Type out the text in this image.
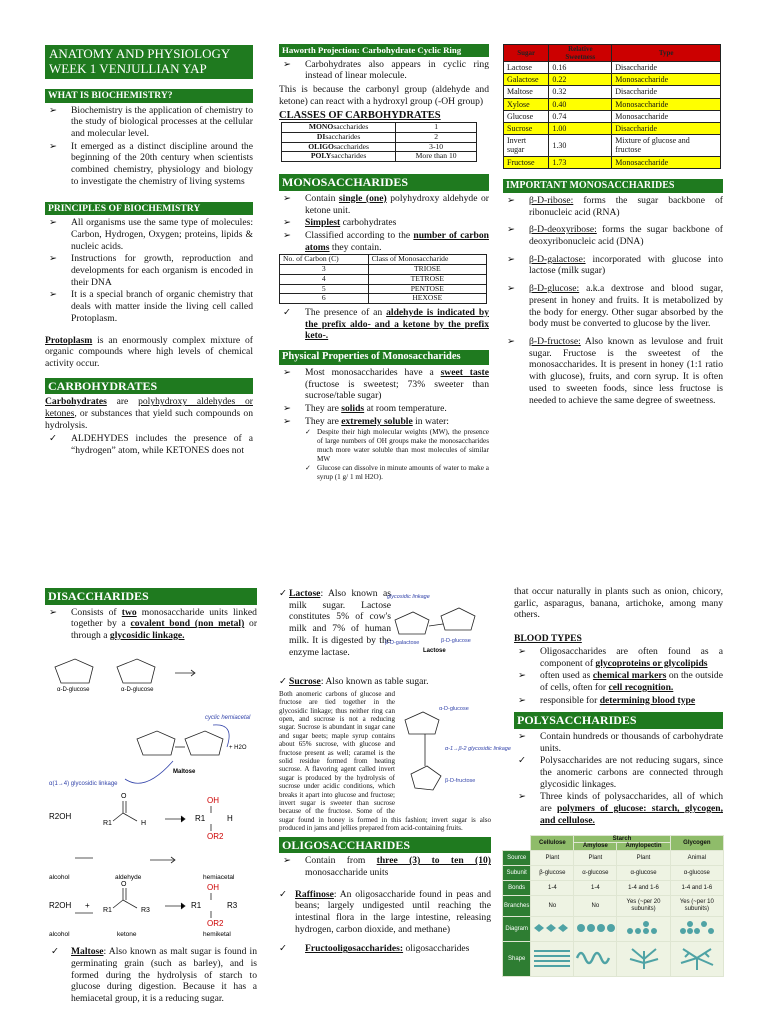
ANATOMY AND PHYSIOLOGY WEEK 1 VENJULLIAN YAP
WHAT IS BIOCHEMISTRY?
➢ Biochemistry is the application of chemistry to the study of biological processes at the cellular and molecular level.
➢ It emerged as a distinct discipline around the beginning of the 20th century when scientists combined chemistry, physiology and biology to investigate the chemistry of living systems
PRINCIPLES OF BIOCHEMISTRY
➢ All organisms use the same type of molecules: Carbon, Hydrogen, Oxygen; proteins, lipids & nucleic acids.
➢ Instructions for growth, reproduction and developments for each organism is encoded in their DNA
➢ It is a special branch of organic chemistry that deals with matter inside the living cell called Protoplasm.

Protoplasm is an enormously complex mixture of organic compounds where high levels of chemical activity occur.

CARBOHYDRATES

Carbohydrates are polyhydroxy aldehydes or ketones, or substances that yield such compounds on hydrolysis.

✓ ALDEHYDES includes the presence of a “hydrogen” atom, while KETONES does not
Haworth Projection: Carbohydrate Cyclic Ring
➢ Carbohydrates also appears in cyclic ring instead of linear molecule.

This is because the carbonyl group (aldehyde and ketone) can react with a hydroxyl group (-OH group)

CLASSES OF CARBOHYDRATES
MONOsaccharides	1
DIsaccharides	2
OLIGOsaccharides	3-10
POLYsaccharides	More than 10
MONOSACCHARIDES
➢ Contain single (one) polyhydroxy aldehyde or ketone unit.
➢ Simplest carbohydrates
➢ Classified according to the number of carbon atoms they contain.
No. of Carbon (C)	Class of Monosaccharide
3	TRIOSE
4	TETROSE
5	PENTOSE
6	HEXOSE
✓ The presence of an aldehyde is indicated by the prefix aldo- and a ketone by the prefix keto-.
Physical Properties of Monosaccharides
➢ Most monosaccharides have a sweet taste (fructose is sweetest; 73% sweeter than sucrose/table sugar)
➢ They are solids at room temperature.
➢ They are extremely soluble in water:
✓ Despite their high molecular weights (MW), the presence of large numbers of OH groups make the monosaccharides much more water soluble than most molecules of similar MW
✓ Glucose can dissolve in minute amounts of water to make a syrup (1 g/ 1 ml H2O).
Sugar	Relative Sweetness	Type
Lactose	0.16	Disaccharide
Galactose	0.22	Monosaccharide
Maltose	0.32	Disaccharide
Xylose	0.40	Monosaccharide
Glucose	0.74	Monosaccharide
Sucrose	1.00	Disaccharide
Invert sugar	1.30	Mixture of glucose and fructose
Fructose	1.73	Monosaccharide
IMPORTANT MONOSACCHARIDES
➢ β-D-ribose: forms the sugar backbone of ribonucleic acid (RNA)
➢ β-D-deoxyribose: forms the sugar backbone of deoxyribonucleic acid (DNA)
➢ β-D-galactose: incorporated with glucose into lactose (milk sugar)
➢ β-D-glucose: a.k.a dextrose and blood sugar, present in honey and fruits. It is metabolized by the body for energy. Other sugar absorbed by the body must be converted to glucose by the liver.
➢ β-D-fructose: Also known as levulose and fruit sugar. Fructose is the sweetest of the monosaccharides. It is present in honey (1:1 ratio with glucose), fruits, and corn syrup. It is often used to sweeten foods, since less fructose is needed to achieve the same degree of sweetness.
DISACCHARIDES
➢ Consists of two monosaccharide units linked together by a covalent bond (non metal) or through a glycosidic linkage.
α-D-glucose	α-D-glucose
cyclic hemiacetal
+ H2O
α(1→4) glycosidic linkage
Maltose
R2OH
R1	H
OH
R1	H
OR2
alcohol	aldehyde	hemiacetal
O

R2OH
R1	R3
OH
R1	R3
OR2
alcohol	ketone	hemiketal
+
O

✓ Maltose: Also known as malt sugar is found in germinating grain (such as barley), and is formed during the hydrolysis of starch to glucose during digestion. Because it has a hemiacetal group, it is a reducing sugar.

✓ Lactose: Also known as milk sugar. Lactose constitutes 5% of cow's milk and 7% of human milk. It is digested by the enzyme lactase.

glycosidic linkage
β-D-galactose	β-D-glucose
Lactose

✓ Sucrose: Also known as table sugar.

α-D-glucose
α-1→β-2 glycosidic linkage
β-D-fructose

Both anomeric carbons of glucose and fructose are tied together in the glycosidic linkage; thus neither ring can open, and sucrose is not a reducing sugar. Sucrose is abundant in sugar cane and sugar beets; maple syrup contains about 65% sucrose, with glucose and fructose present as well; caramel is the solid residue formed from heating sucrose. A flavoring agent called invert sugar is produced by the hydrolysis of sucrose under acidic conditions, which breaks it apart into glucose and fructose; invert sugar is sweeter than sucrose because of the fructose. Some of the sugar found in honey is formed in this fashion; invert sugar is also produced in jams and jellies prepared from acid-containing fruits.

OLIGOSACCHARIDES
➢ Contain from three (3) to ten (10) monosaccharide units

✓ Raffinose: An oligosaccharide found in peas and beans; largely undigested until reaching the intestinal flora in the large intestine, releasing hydrogen, carbon dioxide, and methane)

✓ Fructooligosaccharides: oligosaccharides

that occur naturally in plants such as onion, chicory, garlic, asparagus, banana, artichoke, among many others.

BLOOD TYPES
➢ Oligosaccharides are often found as a component of glycoproteins or glycolipids
➢ often used as chemical markers on the outside of cells, often for cell recognition.
➢ responsible for determining blood type
POLYSACCHARIDES
➢ Contain hundreds or thousands of carbohydrate units.
✓ Polysaccharides are not reducing sugars, since the anomeric carbons are connected through glycosidic linkages.
➢ Three kinds of polysaccharides, all of which are polymers of glucose: starch, glycogen, and cellulose.
	Cellulose	Starch		Glycogen
		Amylose	Amylopectin	
Source	Plant	Plant	Plant	Animal
Subunit	β-glucose	α-glucose	α-glucose	α-glucose
Bonds	1-4	1-4	1-4 and 1-6	1-4 and 1-6
Branches	No	No	Yes (~per 20 subunits)	Yes (~per 10 subunits)
Diagram				
Shape				
